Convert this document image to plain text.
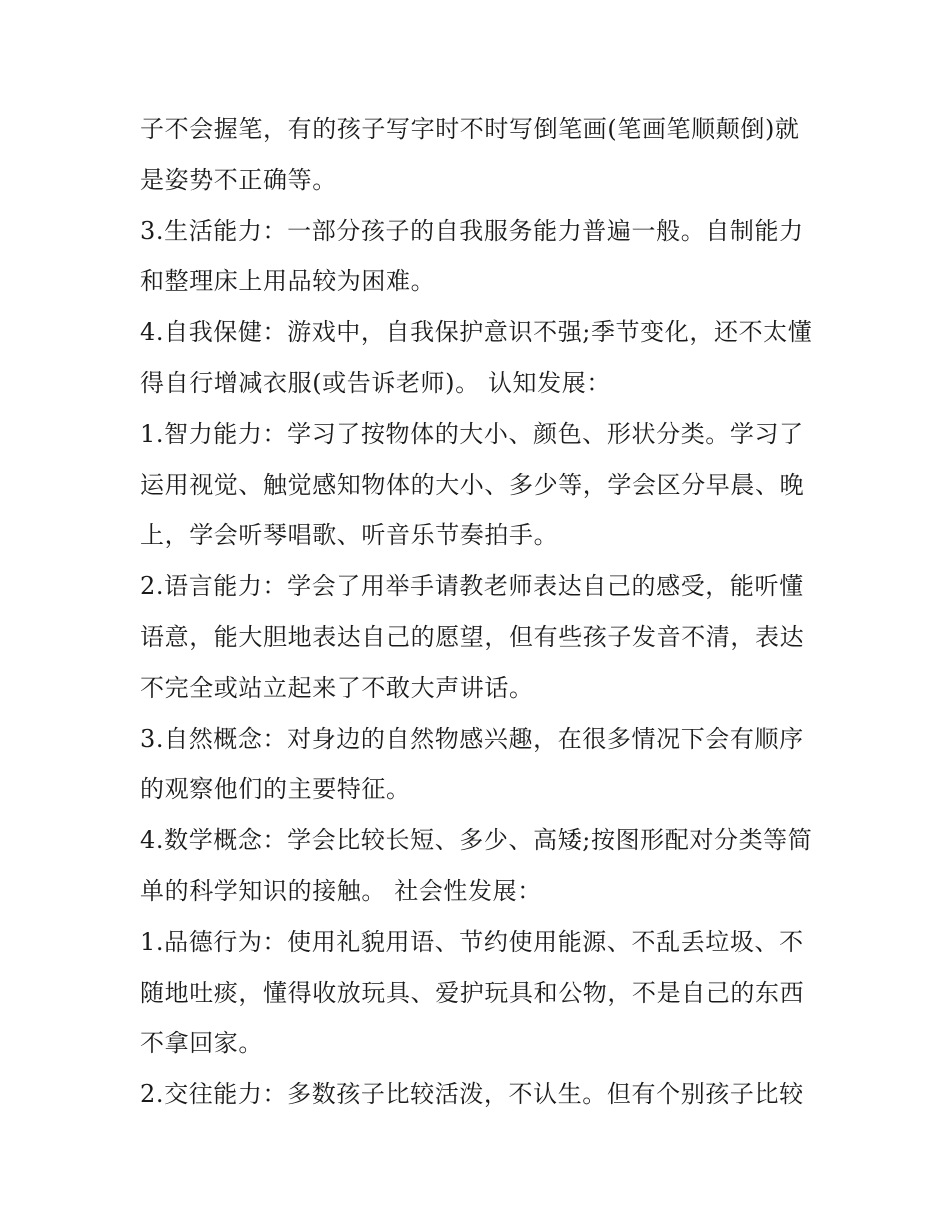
子不会握笔，有的孩子写字时不时写倒笔画(笔画笔顺颠倒)就
是姿势不正确等。
3.生活能力：一部分孩子的自我服务能力普遍一般。自制能力
和整理床上用品较为困难。
4.自我保健：游戏中，自我保护意识不强;季节变化，还不太懂
得自行增减衣服(或告诉老师)。 认知发展：
1.智力能力：学习了按物体的大小、颜色、形状分类。学习了
运用视觉、触觉感知物体的大小、多少等，学会区分早晨、晚
上，学会听琴唱歌、听音乐节奏拍手。
2.语言能力：学会了用举手请教老师表达自己的感受，能听懂
语意，能大胆地表达自己的愿望，但有些孩子发音不清，表达
不完全或站立起来了不敢大声讲话。
3.自然概念：对身边的自然物感兴趣，在很多情况下会有顺序
的观察他们的主要特征。
4.数学概念：学会比较长短、多少、高矮;按图形配对分类等简
单的科学知识的接触。 社会性发展：
1.品德行为：使用礼貌用语、节约使用能源、不乱丢垃圾、不
随地吐痰，懂得收放玩具、爱护玩具和公物，不是自己的东西
不拿回家。
2.交往能力：多数孩子比较活泼，不认生。但有个别孩子比较
